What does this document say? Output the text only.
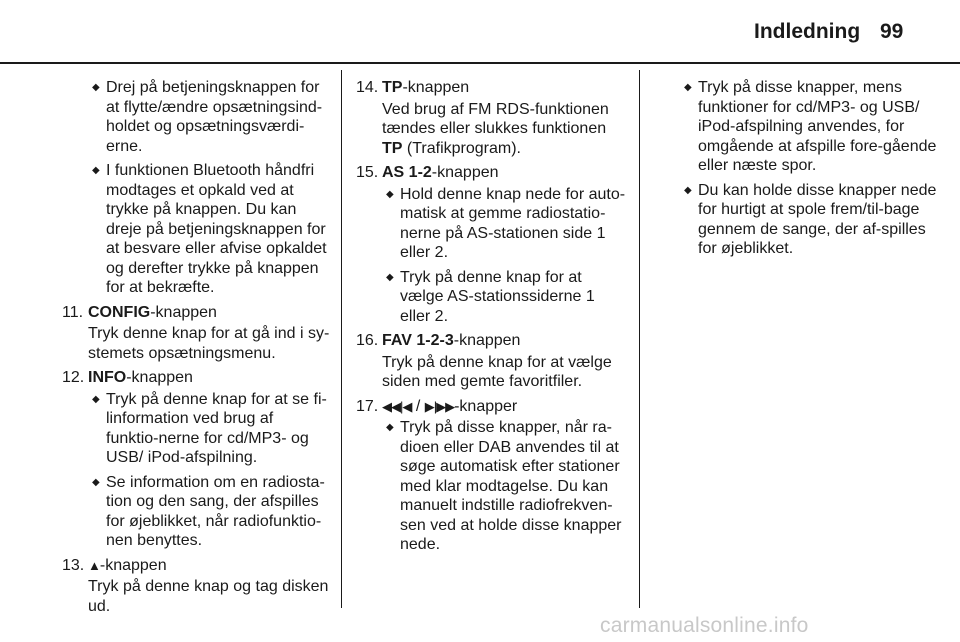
Indledning 99
◆ Drej på betjeningsknappen for at flytte/ændre opsætningsind-holdet og opsætningsværdi-erne.
◆ I funktionen Bluetooth håndfri modtages et opkald ved at trykke på knappen. Du kan dreje på betjeningsknappen for at besvare eller afvise opkaldet og derefter trykke på knappen for at bekræfte.
11. CONFIG-knappen
Tryk denne knap for at gå ind i sy-stemets opsætningsmenu.
12. INFO-knappen
◆ Tryk på denne knap for at se fi-linformation ved brug af funktio-nerne for cd/MP3- og USB/ iPod-afspilning.
◆ Se information om en radiosta-tion og den sang, der afspilles for øjeblikket, når radiofunktio-nen benyttes.
13. ▲-knappen
Tryk på denne knap og tag disken ud.
14. TP-knappen
Ved brug af FM RDS-funktionen tændes eller slukkes funktionen TP (Trafikprogram).
15. AS 1-2-knappen
◆ Hold denne knap nede for auto-matisk at gemme radiostatio-nerne på AS-stationen side 1 eller 2.
◆ Tryk på denne knap for at vælge AS-stationssiderne 1 eller 2.
16. FAV 1-2-3-knappen
Tryk på denne knap for at vælge siden med gemte favoritfiler.
17. ◀◀|◀ / ▶|▶▶-knapper
◆ Tryk på disse knapper, når ra-dioen eller DAB anvendes til at søge automatisk efter stationer med klar modtagelse. Du kan manuelt indstille radiofrekven-sen ved at holde disse knapper nede.
◆ Tryk på disse knapper, mens funktioner for cd/MP3- og USB/ iPod-afspilning anvendes, for omgående at afspille fore-gående eller næste spor.
◆ Du kan holde disse knapper nede for hurtigt at spole frem/til-bage gennem de sange, der af-spilles for øjeblikket.
carmanualsonline.info
